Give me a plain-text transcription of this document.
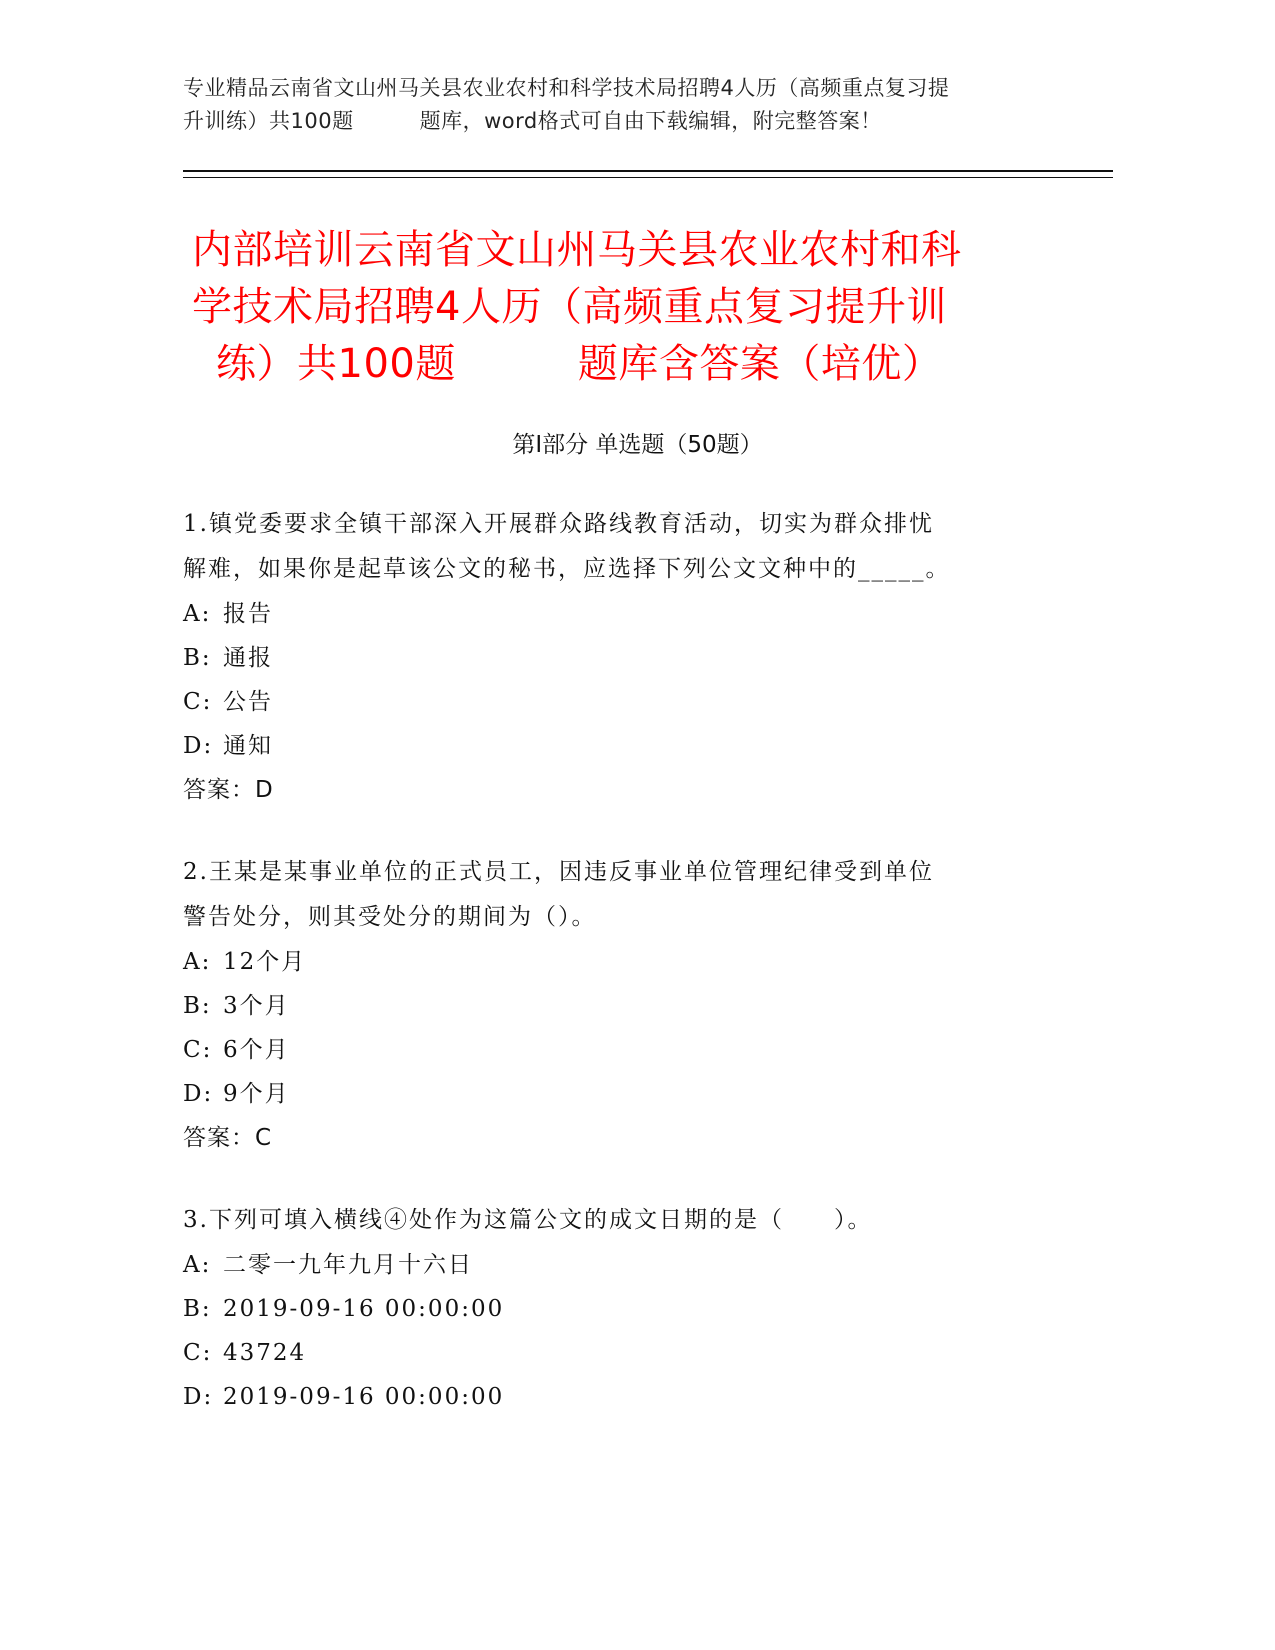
专业精品云南省文山州马关县农业农村和科学技术局招聘4人历（高频重点复习提
升训练）共100题	题库，word格式可自由下载编辑，附完整答案！
内部培训云南省文山州马关县农业农村和科
学技术局招聘4人历（高频重点复习提升训
练）共100题	题库含答案（培优）
第Ⅰ部分 单选题（50题）
1.镇党委要求全镇干部深入开展群众路线教育活动，切实为群众排忧
解难，如果你是起草该公文的秘书，应选择下列公文文种中的_____。
A: 报告
B: 通报
C: 公告
D: 通知
答案：D
2.王某是某事业单位的正式员工，因违反事业单位管理纪律受到单位
警告处分，则其受处分的期间为（）。
A: 12个月
B: 3个月
C: 6个月
D: 9个月
答案：C
3.下列可填入横线④处作为这篇公文的成文日期的是（　　）。
A: 二零一九年九月十六日
B: 2019-09-16 00:00:00
C: 43724
D: 2019-09-16 00:00:00
